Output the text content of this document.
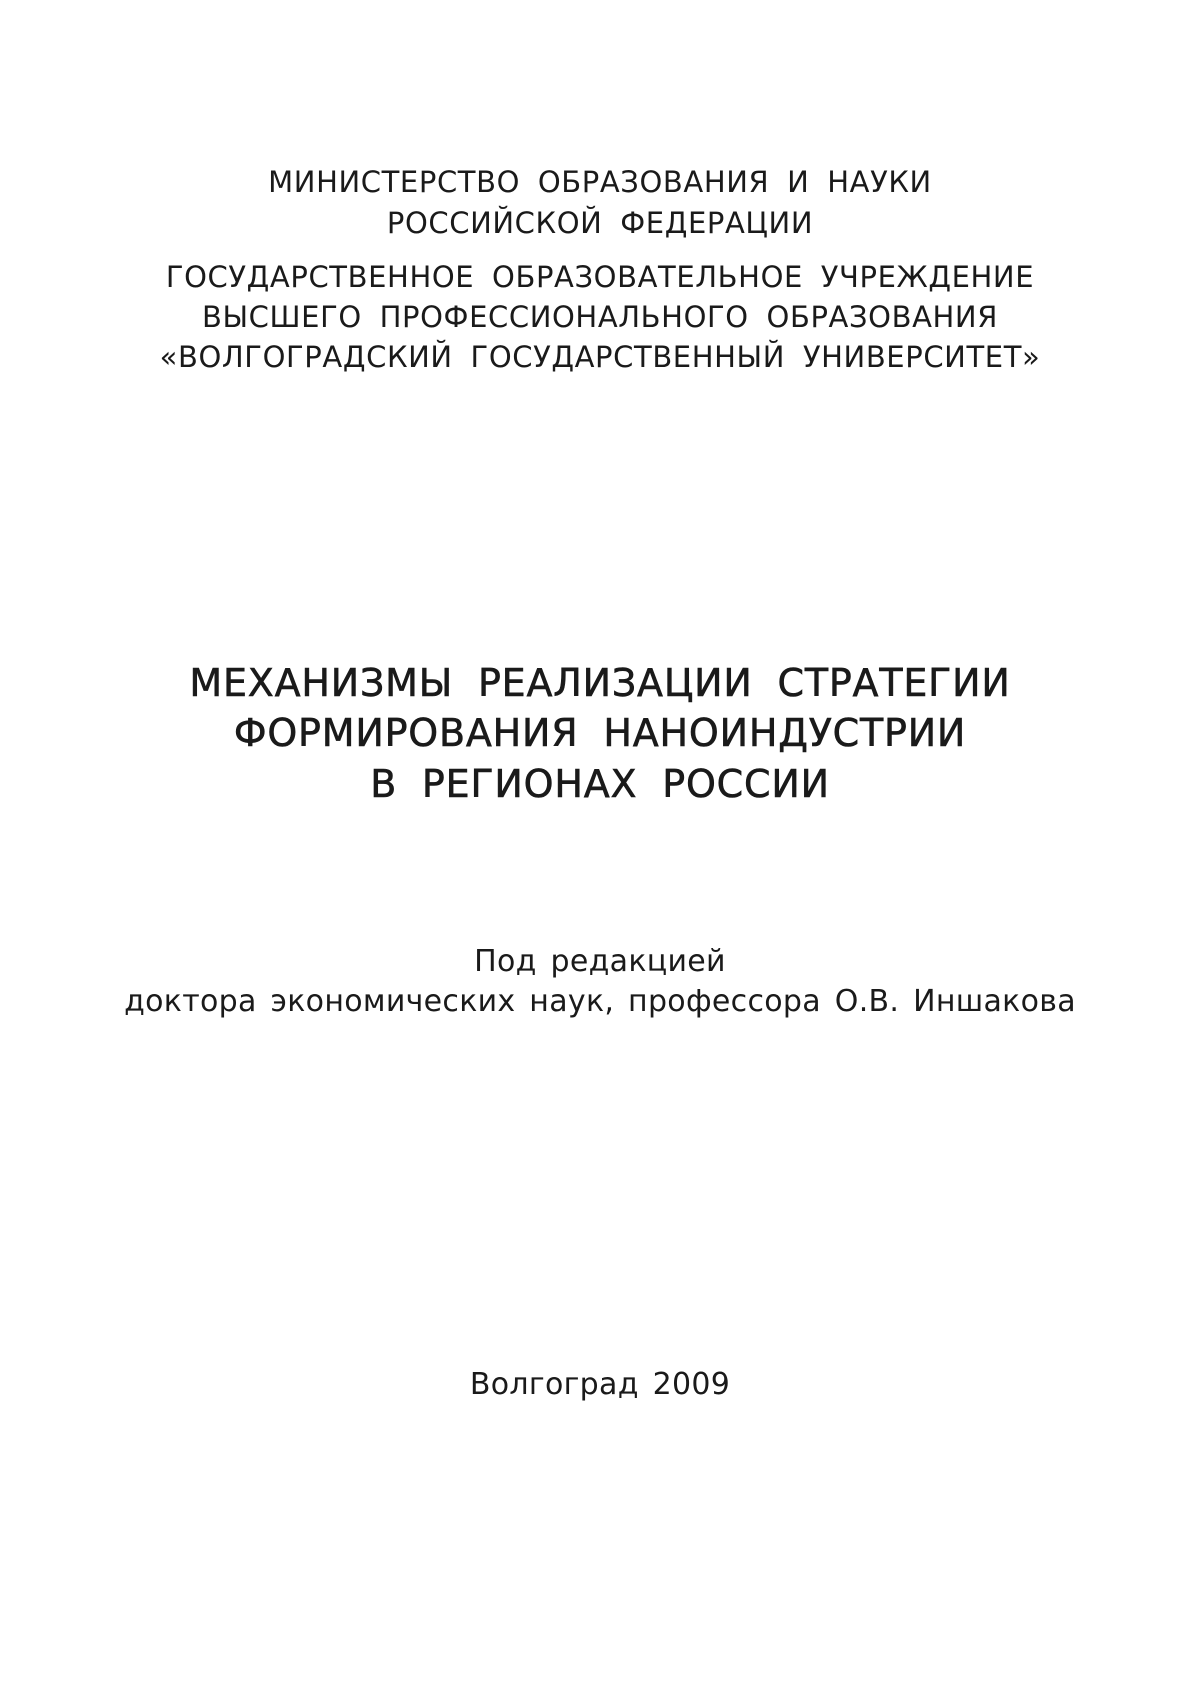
МИНИСТЕРСТВО ОБРАЗОВАНИЯ И НАУКИ
РОССИЙСКОЙ ФЕДЕРАЦИИ
ГОСУДАРСТВЕННОЕ ОБРАЗОВАТЕЛЬНОЕ УЧРЕЖДЕНИЕ
ВЫСШЕГО ПРОФЕССИОНАЛЬНОГО ОБРАЗОВАНИЯ
«ВОЛГОГРАДСКИЙ ГОСУДАРСТВЕННЫЙ УНИВЕРСИТЕТ»
МЕХАНИЗМЫ РЕАЛИЗАЦИИ СТРАТЕГИИ
ФОРМИРОВАНИЯ НАНОИНДУСТРИИ
В РЕГИОНАХ РОССИИ
Под редакцией
доктора экономических наук, профессора О.В. Иншакова
Волгоград 2009
